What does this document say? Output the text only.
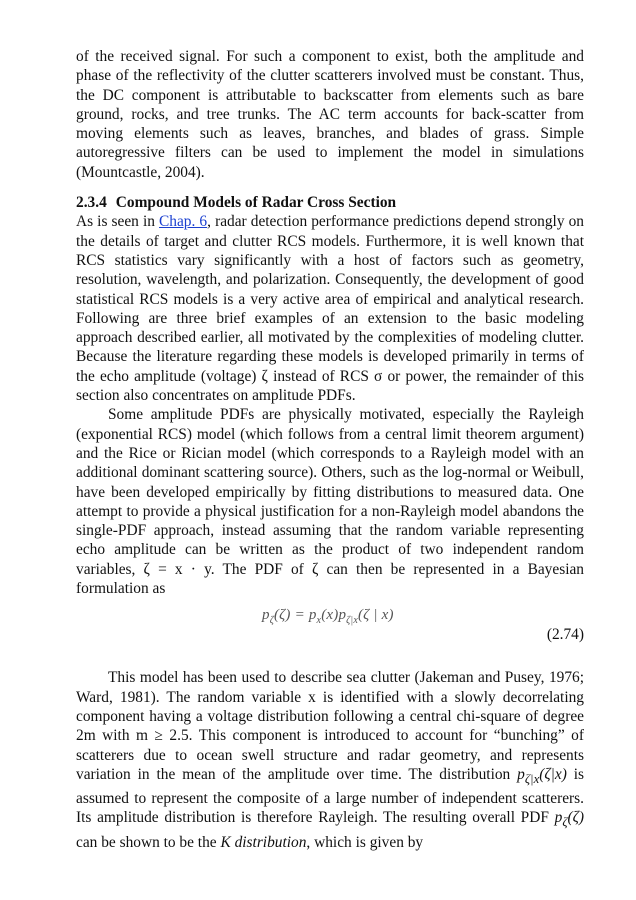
of the received signal. For such a component to exist, both the amplitude and phase of the reflectivity of the clutter scatterers involved must be constant. Thus, the DC component is attributable to backscatter from elements such as bare ground, rocks, and tree trunks. The AC term accounts for back-scatter from moving elements such as leaves, branches, and blades of grass. Simple autoregressive filters can be used to implement the model in simulations (Mountcastle, 2004).

2.3.4 Compound Models of Radar Cross Section

As is seen in Chap. 6, radar detection performance predictions depend strongly on the details of target and clutter RCS models. Furthermore, it is well known that RCS statistics vary significantly with a host of factors such as geometry, resolution, wavelength, and polarization. Consequently, the development of good statistical RCS models is a very active area of empirical and analytical research. Following are three brief examples of an extension to the basic modeling approach described earlier, all motivated by the complexities of modeling clutter. Because the literature regarding these models is developed primarily in terms of the echo amplitude (voltage) ζ instead of RCS σ or power, the remainder of this section also concentrates on amplitude PDFs.

Some amplitude PDFs are physically motivated, especially the Rayleigh (exponential RCS) model (which follows from a central limit theorem argument) and the Rice or Rician model (which corresponds to a Rayleigh model with an additional dominant scattering source). Others, such as the log-normal or Weibull, have been developed empirically by fitting distributions to measured data. One attempt to provide a physical justification for a non-Rayleigh model abandons the single-PDF approach, instead assuming that the random variable representing echo amplitude can be written as the product of two independent random variables, ζ = x · y. The PDF of ζ can then be represented in a Bayesian formulation as

$p_\zeta(\zeta) = p_x(x)p_{\zeta|x}(\zeta$ | x)
(2.74)

This model has been used to describe sea clutter (Jakeman and Pusey, 1976; Ward, 1981). The random variable x is identified with a slowly decorrelating component having a voltage distribution following a central chi-square of degree 2m with m ≥ 2.5. This component is introduced to account for “bunching” of scatterers due to ocean swell structure and radar geometry, and represents variation in the mean of the amplitude over time. The distribution $p_{\zeta|x}(\zeta|x)$ is assumed to represent the composite of a large number of independent scatterers. Its amplitude distribution is therefore Rayleigh. The resulting overall PDF $p_\zeta(\zeta)$ can be shown to be the K distribution, which is given by
